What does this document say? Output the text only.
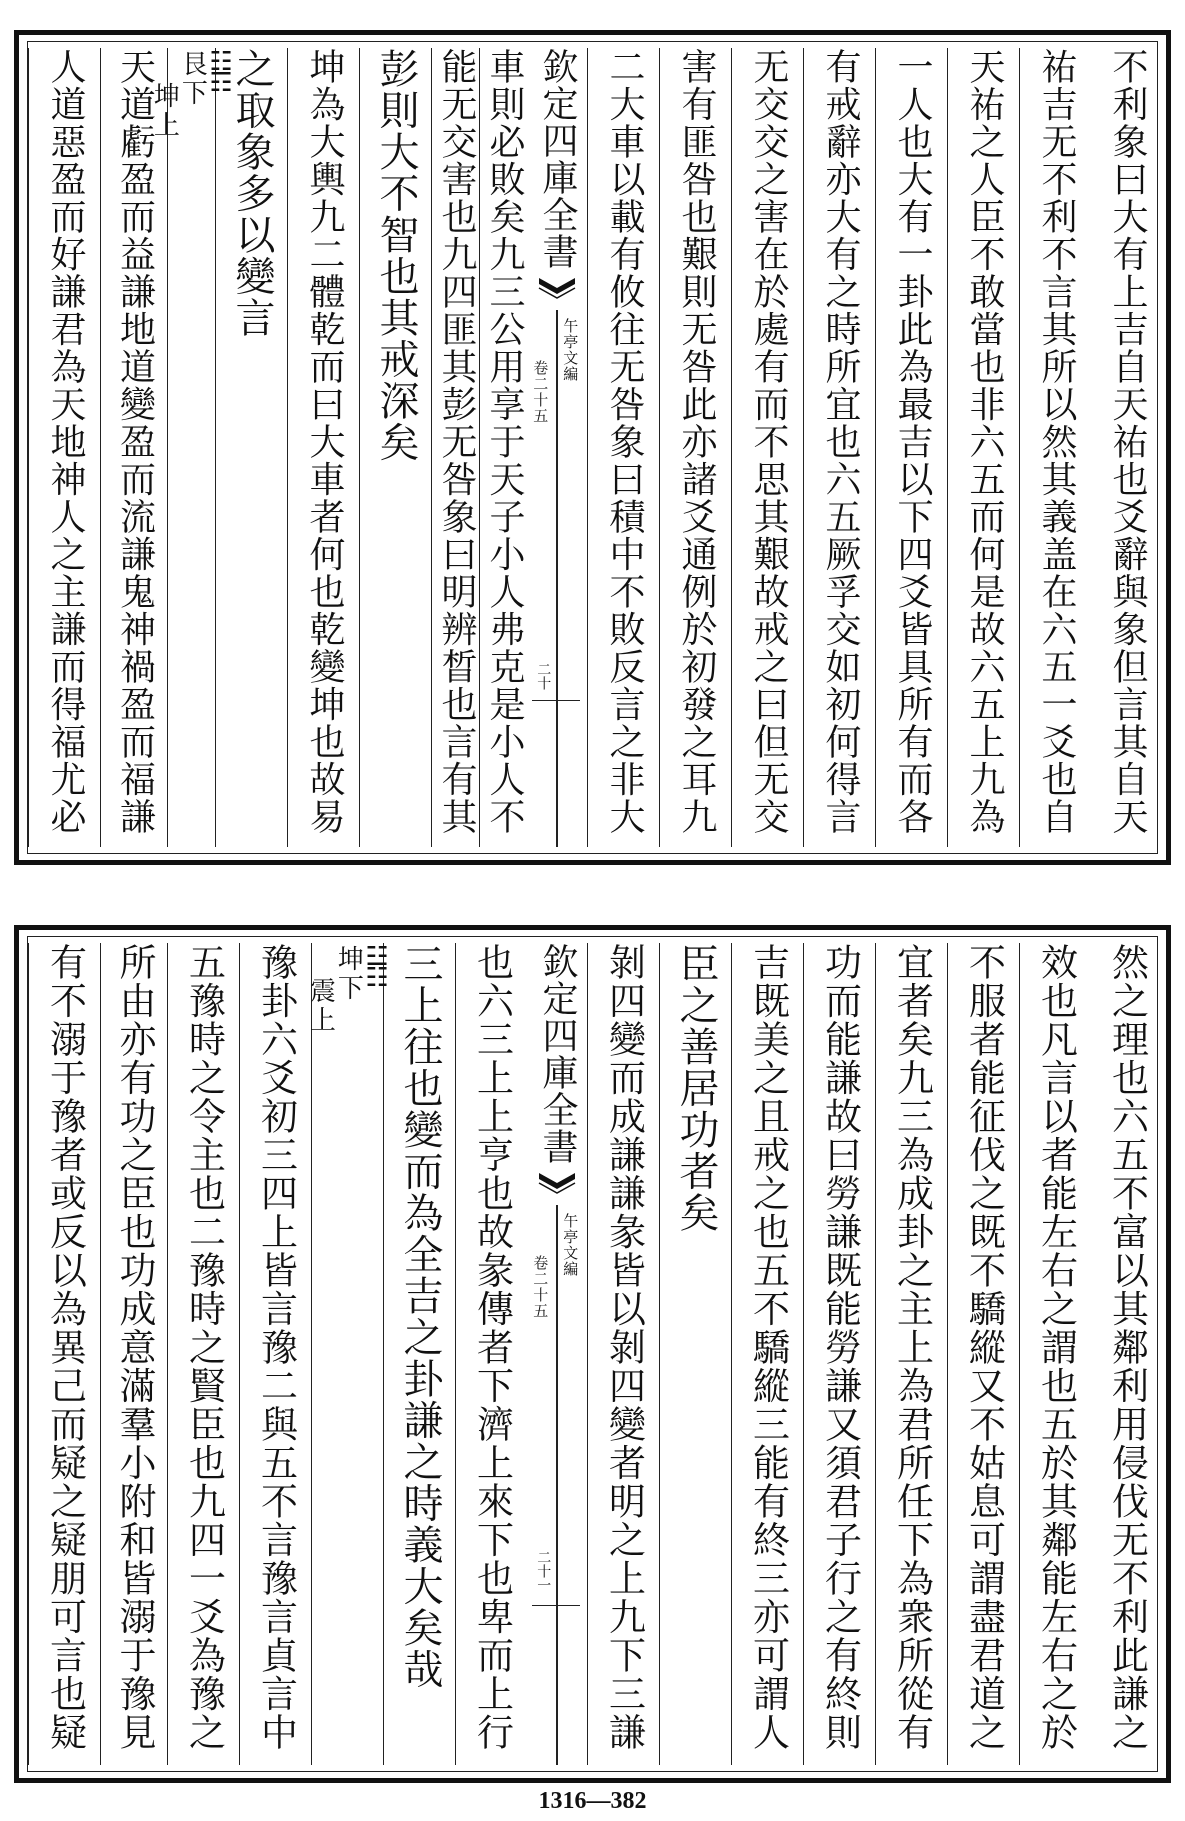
不利象曰大有上吉自天祐也爻辭與象但言其自天
祐吉无不利不言其所以然其義盖在六五一爻也自
天祐之人臣不敢當也非六五而何是故六五上九為
一人也大有一卦此為最吉以下四爻皆具所有而各
有戒辭亦大有之時所宜也六五厥孚交如初何得言
无交交之害在於處有而不思其艱故戒之曰但无交
害有匪咎也艱則无咎此亦諸爻通例於初發之耳九
二大車以載有攸往无咎象曰積中不敗反言之非大
欽定四庫全書
午亭文編
卷二十五
二十
車則必敗矣九三公用享于天子小人弗克是小人不
能无交害也九四匪其彭无咎象曰明辨晳也言有其
彭則大不智也其戒深矣
坤為大輿九二體乾而曰大車者何也乾變坤也故易
之取象多以變言
☷
☶
艮下
坤上
人道惡盈而好謙君為天地神人之主謙而得福尤必 天道虧盈而益謙地道變盈而流謙鬼神禍盈而福謙
然之理也六五不富以其鄰利用侵伐无不利此謙之
效也凡言以者能左右之謂也五於其鄰能左右之於
不服者能征伐之既不驕縱又不姑息可謂盡君道之
宜者矣九三為成卦之主上為君所任下為衆所從有
功而能謙故曰勞謙既能勞謙又須君子行之有終則
吉既美之且戒之也五不驕縱三能有終三亦可謂人
臣之善居功者矣
剝四變而成謙謙彖皆以剝四變者明之上九下三謙
欽定四庫全書
午亭文編
卷二十五
二十一
也六三上上亨也故彖傳者下濟上來下也卑而上行
三上往也變而為全吉之卦謙之時義大矣哉
☳
☷
坤下
震上
豫卦六爻初三四上皆言豫二與五不言豫言貞言中
五豫時之令主也二豫時之賢臣也九四一爻為豫之
所由亦有功之臣也功成意滿羣小附和皆溺于豫見
有不溺于豫者或反以為異己而疑之疑朋可言也疑
1316—382
